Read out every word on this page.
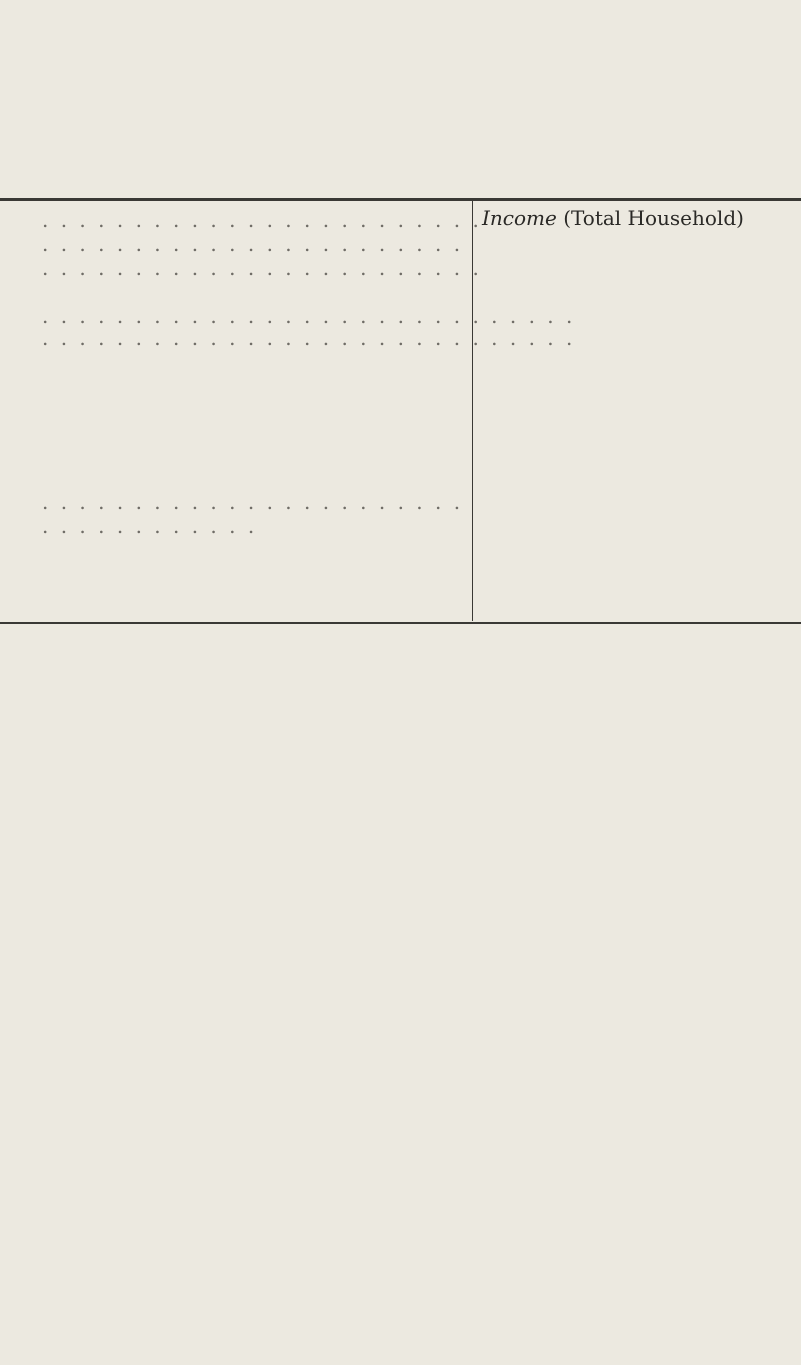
. . . . . . . . . . . . . . . . . . . . . . . .
. . . . . . . . . . . . . . . . . . . . . . .
. . . . . . . . . . . . . . . . . . . . . . . .
. . . . . . . . . . . . . . . . . . . . . . . . . . . . .
. . . . . . . . . . . . . . . . . . . . . . . . . . . . .
. . . . . . . . . . . . . . . . . . . . . . .
. . . . . . . . . . . .
Income (Total Household)
